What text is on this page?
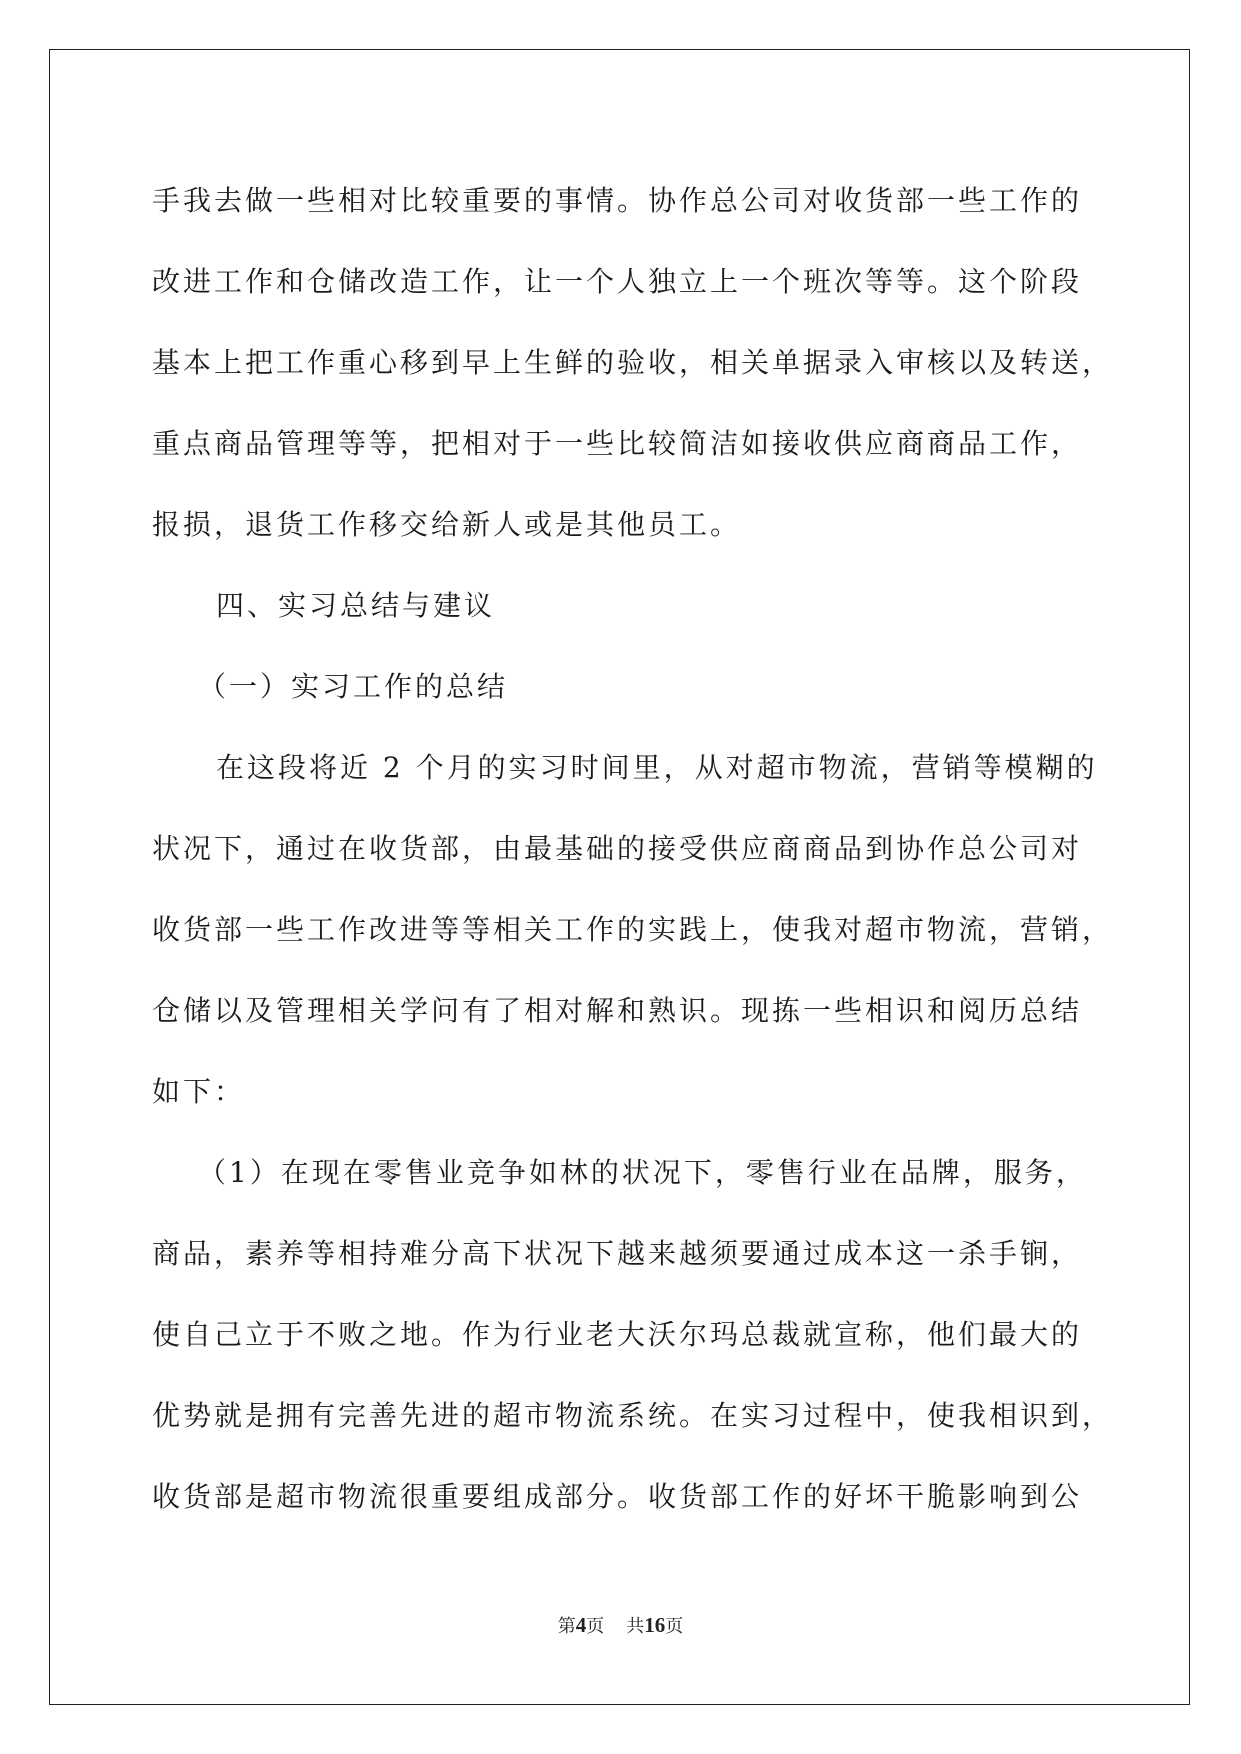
手我去做一些相对比较重要的事情。协作总公司对收货部一些工作的
改进工作和仓储改造工作，让一个人独立上一个班次等等。这个阶段
基本上把工作重心移到早上生鲜的验收，相关单据录入审核以及转送，
重点商品管理等等，把相对于一些比较简洁如接收供应商商品工作，
报损，退货工作移交给新人或是其他员工。
四、实习总结与建议
（一）实习工作的总结
在这段将近 2 个月的实习时间里，从对超市物流，营销等模糊的
状况下，通过在收货部，由最基础的接受供应商商品到协作总公司对
收货部一些工作改进等等相关工作的实践上，使我对超市物流，营销，
仓储以及管理相关学问有了相对解和熟识。现拣一些相识和阅历总结
如下：
（1）在现在零售业竞争如林的状况下，零售行业在品牌，服务，
商品，素养等相持难分高下状况下越来越须要通过成本这一杀手锏，
使自己立于不败之地。作为行业老大沃尔玛总裁就宣称，他们最大的
优势就是拥有完善先进的超市物流系统。在实习过程中，使我相识到，
收货部是超市物流很重要组成部分。收货部工作的好坏干脆影响到公
第4页 共16页
